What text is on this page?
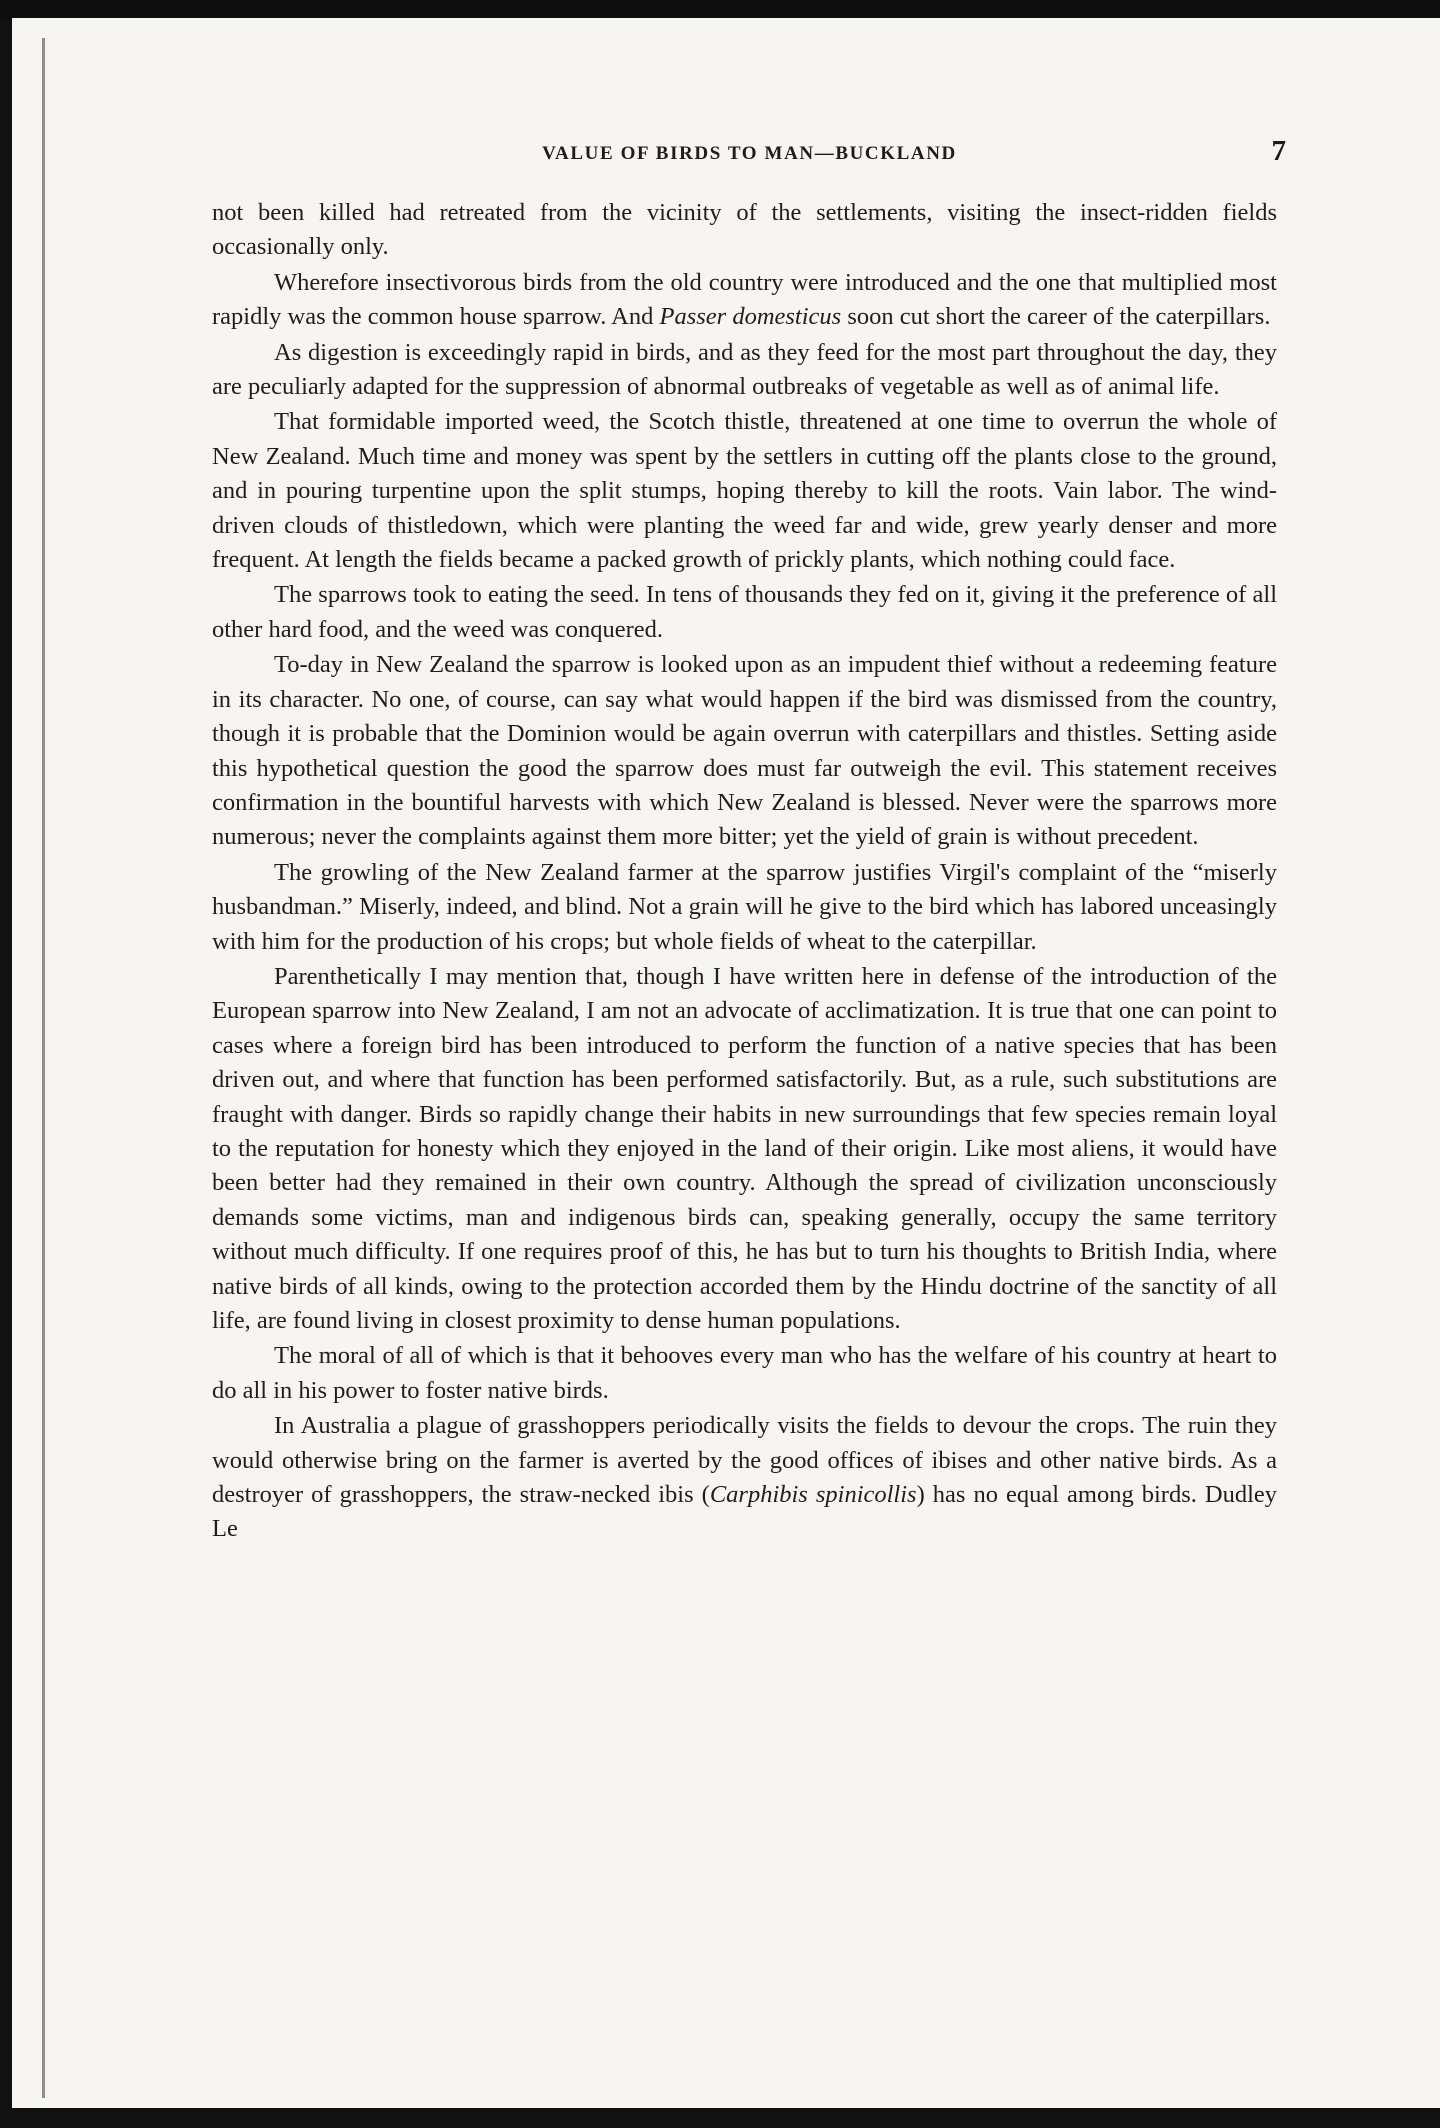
VALUE OF BIRDS TO MAN—BUCKLAND	7

not been killed had retreated from the vicinity of the settlements, visiting the insect-ridden fields occasionally only.

Wherefore insectivorous birds from the old country were introduced and the one that multiplied most rapidly was the common house sparrow. And Passer domesticus soon cut short the career of the caterpillars.

As digestion is exceedingly rapid in birds, and as they feed for the most part throughout the day, they are peculiarly adapted for the suppression of abnormal outbreaks of vegetable as well as of animal life.

That formidable imported weed, the Scotch thistle, threatened at one time to overrun the whole of New Zealand. Much time and money was spent by the settlers in cutting off the plants close to the ground, and in pouring turpentine upon the split stumps, hoping thereby to kill the roots. Vain labor. The wind-driven clouds of thistledown, which were planting the weed far and wide, grew yearly denser and more frequent. At length the fields became a packed growth of prickly plants, which nothing could face.

The sparrows took to eating the seed. In tens of thousands they fed on it, giving it the preference of all other hard food, and the weed was conquered.

To-day in New Zealand the sparrow is looked upon as an impudent thief without a redeeming feature in its character. No one, of course, can say what would happen if the bird was dismissed from the country, though it is probable that the Dominion would be again overrun with caterpillars and thistles. Setting aside this hypothetical question the good the sparrow does must far outweigh the evil. This statement receives confirmation in the bountiful harvests with which New Zealand is blessed. Never were the sparrows more numerous; never the complaints against them more bitter; yet the yield of grain is without precedent.

The growling of the New Zealand farmer at the sparrow justifies Virgil's complaint of the “miserly husbandman.” Miserly, indeed, and blind. Not a grain will he give to the bird which has labored unceasingly with him for the production of his crops; but whole fields of wheat to the caterpillar.

Parenthetically I may mention that, though I have written here in defense of the introduction of the European sparrow into New Zealand, I am not an advocate of acclimatization. It is true that one can point to cases where a foreign bird has been introduced to perform the function of a native species that has been driven out, and where that function has been performed satisfactorily. But, as a rule, such substitutions are fraught with danger. Birds so rapidly change their habits in new surroundings that few species remain loyal to the reputation for honesty which they enjoyed in the land of their origin. Like most aliens, it would have been better had they remained in their own country. Although the spread of civilization unconsciously demands some victims, man and indigenous birds can, speaking generally, occupy the same territory without much difficulty. If one requires proof of this, he has but to turn his thoughts to British India, where native birds of all kinds, owing to the protection accorded them by the Hindu doctrine of the sanctity of all life, are found living in closest proximity to dense human populations.

The moral of all of which is that it behooves every man who has the welfare of his country at heart to do all in his power to foster native birds.

In Australia a plague of grasshoppers periodically visits the fields to devour the crops. The ruin they would otherwise bring on the farmer is averted by the good offices of ibises and other native birds. As a destroyer of grasshoppers, the straw-necked ibis (Carphibis spinicollis) has no equal among birds. Dudley Le
